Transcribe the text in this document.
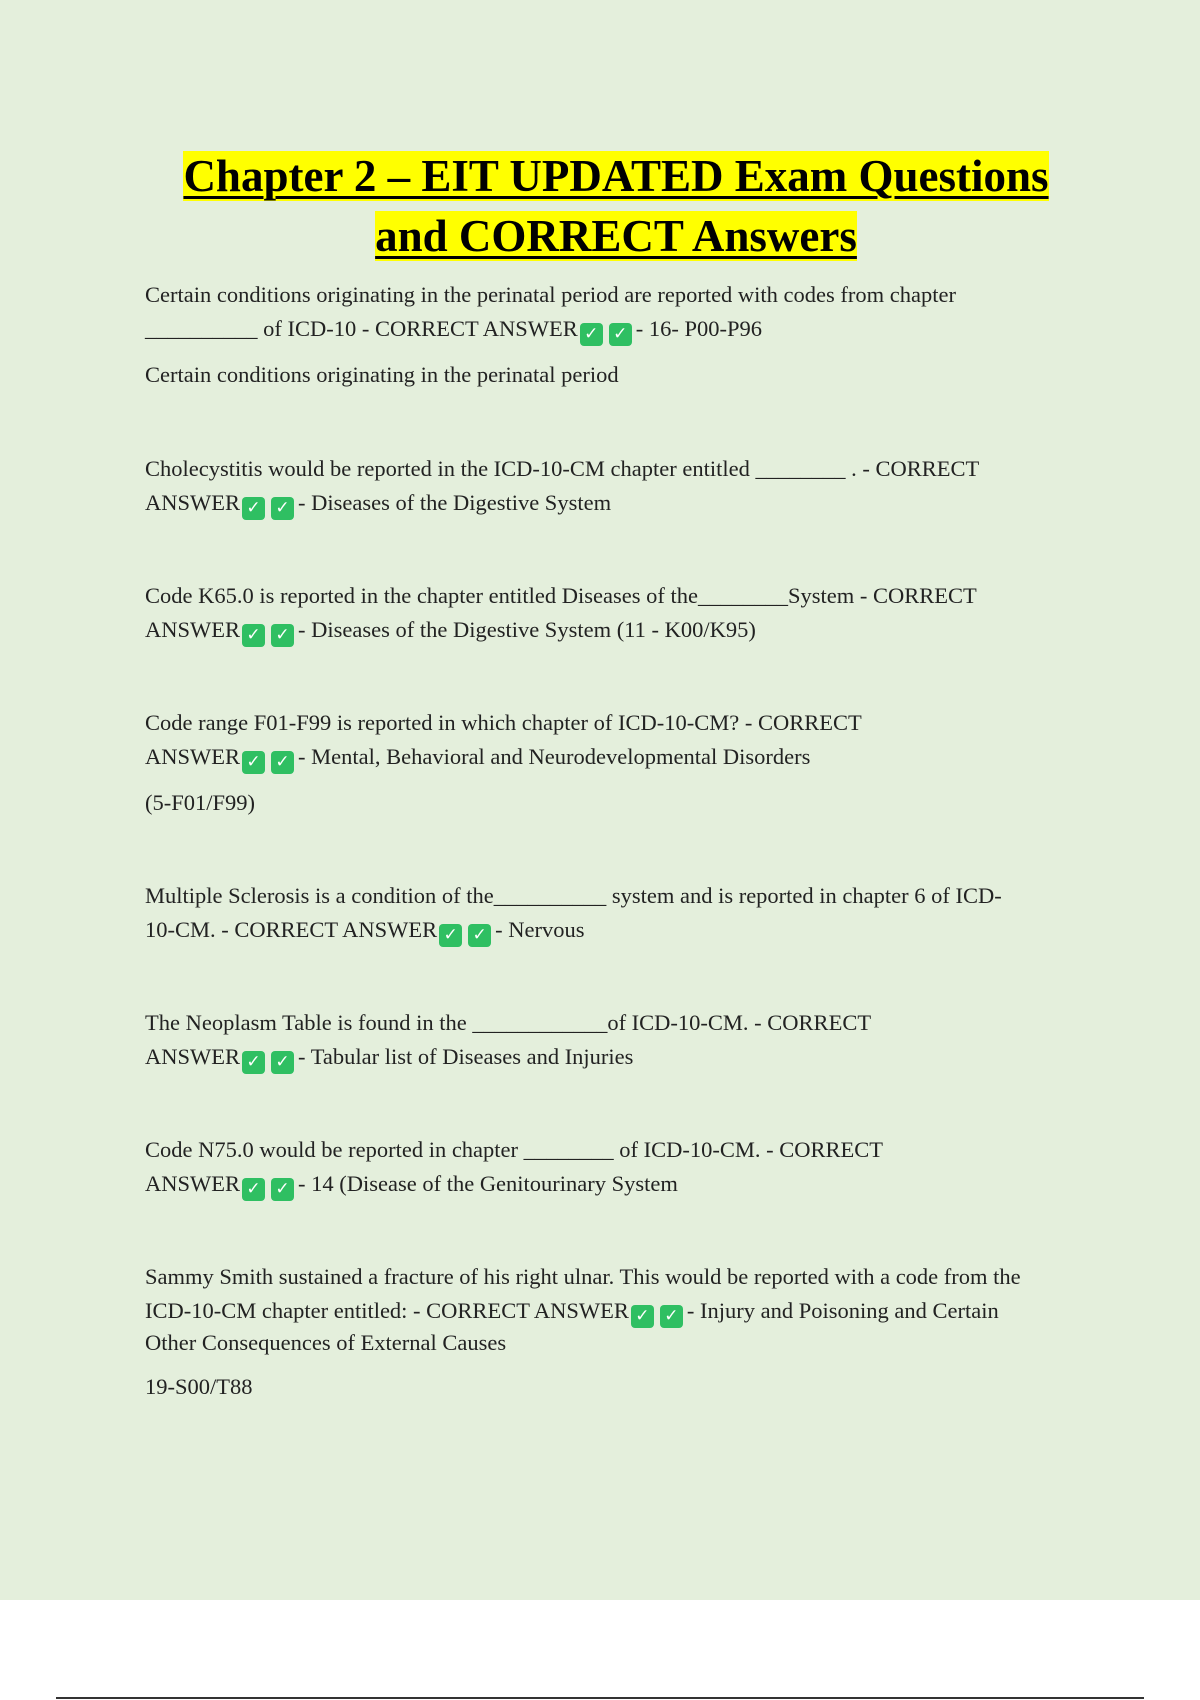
Chapter 2 – EIT UPDATED Exam Questions
and CORRECT Answers

Certain conditions originating in the perinatal period are reported with codes from chapter

__________ of ICD-10 - CORRECT ANSWER ✓ ✓ - 16- P00-P96

Certain conditions originating in the perinatal period

Cholecystitis would be reported in the ICD-10-CM chapter entitled ________ . - CORRECT

ANSWER ✓ ✓ - Diseases of the Digestive System

Code K65.0 is reported in the chapter entitled Diseases of the________System - CORRECT

ANSWER ✓ ✓ - Diseases of the Digestive System (11 - K00/K95)

Code range F01-F99 is reported in which chapter of ICD-10-CM? - CORRECT

ANSWER ✓ ✓ - Mental, Behavioral and Neurodevelopmental Disorders

(5-F01/F99)

Multiple Sclerosis is a condition of the__________ system and is reported in chapter 6 of ICD-

10-CM. - CORRECT ANSWER ✓ ✓ - Nervous

The Neoplasm Table is found in the ____________of ICD-10-CM. - CORRECT

ANSWER ✓ ✓ - Tabular list of Diseases and Injuries

Code N75.0 would be reported in chapter ________ of ICD-10-CM. - CORRECT

ANSWER ✓ ✓ - 14 (Disease of the Genitourinary System

Sammy Smith sustained a fracture of his right ulnar. This would be reported with a code from the

ICD-10-CM chapter entitled: - CORRECT ANSWER ✓ ✓ - Injury and Poisoning and Certain

Other Consequences of External Causes

19-S00/T88
